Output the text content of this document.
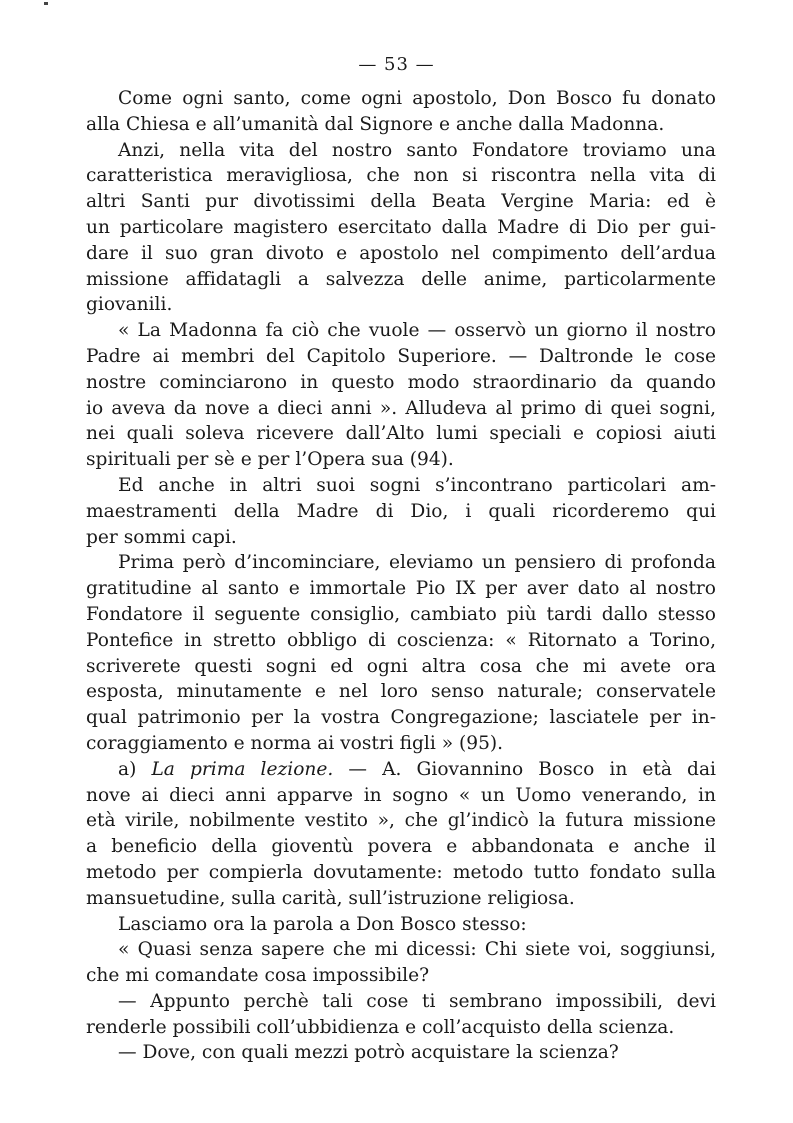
— 53 —
Come ogni santo, come ogni apostolo, Don Bosco fu donato
alla Chiesa e all’umanità dal Signore e anche dalla Madonna.
Anzi, nella vita del nostro santo Fondatore troviamo una
caratteristica meravigliosa, che non si riscontra nella vita di
altri Santi pur divotissimi della Beata Vergine Maria: ed è
un particolare magistero esercitato dalla Madre di Dio per gui-
dare il suo gran divoto e apostolo nel compimento dell’ardua
missione affidatagli a salvezza delle anime, particolarmente
giovanili.
« La Madonna fa ciò che vuole — osservò un giorno il nostro
Padre ai membri del Capitolo Superiore. — Daltronde le cose
nostre cominciarono in questo modo straordinario da quando
io aveva da nove a dieci anni ». Alludeva al primo di quei sogni,
nei quali soleva ricevere dall’Alto lumi speciali e copiosi aiuti
spirituali per sè e per l’Opera sua (94).
Ed anche in altri suoi sogni s’incontrano particolari am-
maestramenti della Madre di Dio, i quali ricorderemo qui
per sommi capi.
Prima però d’incominciare, eleviamo un pensiero di profonda
gratitudine al santo e immortale Pio IX per aver dato al nostro
Fondatore il seguente consiglio, cambiato più tardi dallo stesso
Pontefice in stretto obbligo di coscienza: « Ritornato a Torino,
scriverete questi sogni ed ogni altra cosa che mi avete ora
esposta, minutamente e nel loro senso naturale; conservatele
qual patrimonio per la vostra Congregazione; lasciatele per in-
coraggiamento e norma ai vostri figli » (95).
a) La prima lezione. — A. Giovannino Bosco in età dai
nove ai dieci anni apparve in sogno « un Uomo venerando, in
età virile, nobilmente vestito », che gl’indicò la futura missione
a beneficio della gioventù povera e abbandonata e anche il
metodo per compierla dovutamente: metodo tutto fondato sulla
mansuetudine, sulla carità, sull’istruzione religiosa.
Lasciamo ora la parola a Don Bosco stesso:
« Quasi senza sapere che mi dicessi: Chi siete voi, soggiunsi,
che mi comandate cosa impossibile?
— Appunto perchè tali cose ti sembrano impossibili, devi
renderle possibili coll’ubbidienza e coll’acquisto della scienza.
— Dove, con quali mezzi potrò acquistare la scienza?
